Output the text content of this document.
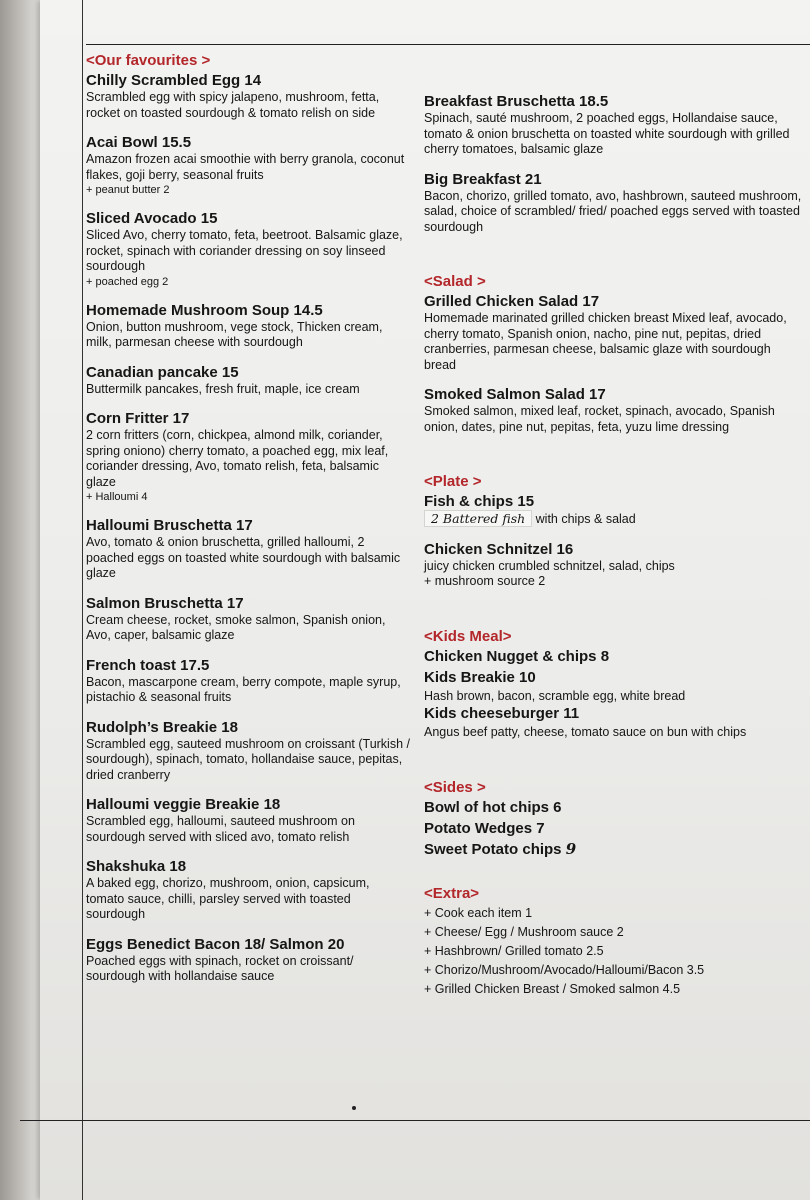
<Our favourites >

Chilly Scrambled Egg 14

Scrambled egg with spicy jalapeno, mushroom, fetta, rocket on toasted sourdough & tomato relish on side

Acai Bowl 15.5

Amazon frozen acai smoothie with berry granola, coconut flakes, goji berry, seasonal fruits

+ peanut butter 2

Sliced Avocado 15

Sliced Avo, cherry tomato, feta, beetroot. Balsamic glaze, rocket, spinach with coriander dressing on soy linseed sourdough

+ poached egg 2

Homemade Mushroom Soup 14.5

Onion, button mushroom, vege stock, Thicken cream, milk, parmesan cheese with sourdough

Canadian pancake 15

Buttermilk pancakes, fresh fruit, maple, ice cream

Corn Fritter 17

2 corn fritters (corn, chickpea, almond milk, coriander, spring oniono) cherry tomato, a poached egg, mix leaf, coriander dressing, Avo, tomato relish, feta, balsamic glaze

+ Halloumi 4

Halloumi Bruschetta 17

Avo, tomato & onion bruschetta, grilled halloumi, 2 poached eggs on toasted white sourdough with balsamic glaze

Salmon Bruschetta 17

Cream cheese, rocket, smoke salmon, Spanish onion, Avo, caper, balsamic glaze

French toast 17.5

Bacon, mascarpone cream, berry compote, maple syrup, pistachio & seasonal fruits

Rudolph’s Breakie 18

Scrambled egg, sauteed mushroom on croissant (Turkish / sourdough), spinach, tomato, hollandaise sauce, pepitas, dried cranberry

Halloumi veggie Breakie 18

Scrambled egg, halloumi, sauteed mushroom on sourdough served with sliced avo, tomato relish

Shakshuka 18

A baked egg, chorizo, mushroom, onion, capsicum, tomato sauce, chilli, parsley served with toasted sourdough

Eggs Benedict Bacon 18/ Salmon 20

Poached eggs with spinach, rocket on croissant/ sourdough with hollandaise sauce

Breakfast Bruschetta 18.5

Spinach, sauté mushroom, 2 poached eggs, Hollandaise sauce, tomato & onion bruschetta on toasted white sourdough with grilled cherry tomatoes, balsamic glaze

Big Breakfast 21

Bacon, chorizo, grilled tomato, avo, hashbrown, sauteed mushroom, salad, choice of scrambled/ fried/ poached eggs served with toasted sourdough

<Salad >

Grilled Chicken Salad 17

Homemade marinated grilled chicken breast Mixed leaf, avocado, cherry tomato, Spanish onion, nacho, pine nut, pepitas, dried cranberries, parmesan cheese, balsamic glaze with sourdough bread

Smoked Salmon Salad 17

Smoked salmon, mixed leaf, rocket, spinach, avocado, Spanish onion, dates, pine nut, pepitas, feta, yuzu lime dressing

<Plate >

Fish & chips 15

2 Battered fish with chips & salad

Chicken Schnitzel 16

juicy chicken crumbled schnitzel, salad, chips

+ mushroom source 2

<Kids Meal>

Chicken Nugget & chips 8

Kids Breakie 10

Hash brown, bacon, scramble egg, white bread

Kids cheeseburger 11

Angus beef patty, cheese, tomato sauce on bun with chips

<Sides >

Bowl of hot chips 6

Potato Wedges 7

Sweet Potato chips 9

<Extra>

+ Cook each item 1

+ Cheese/ Egg / Mushroom sauce 2

+ Hashbrown/ Grilled tomato 2.5

+ Chorizo/Mushroom/Avocado/Halloumi/Bacon 3.5

+ Grilled Chicken Breast / Smoked salmon 4.5
